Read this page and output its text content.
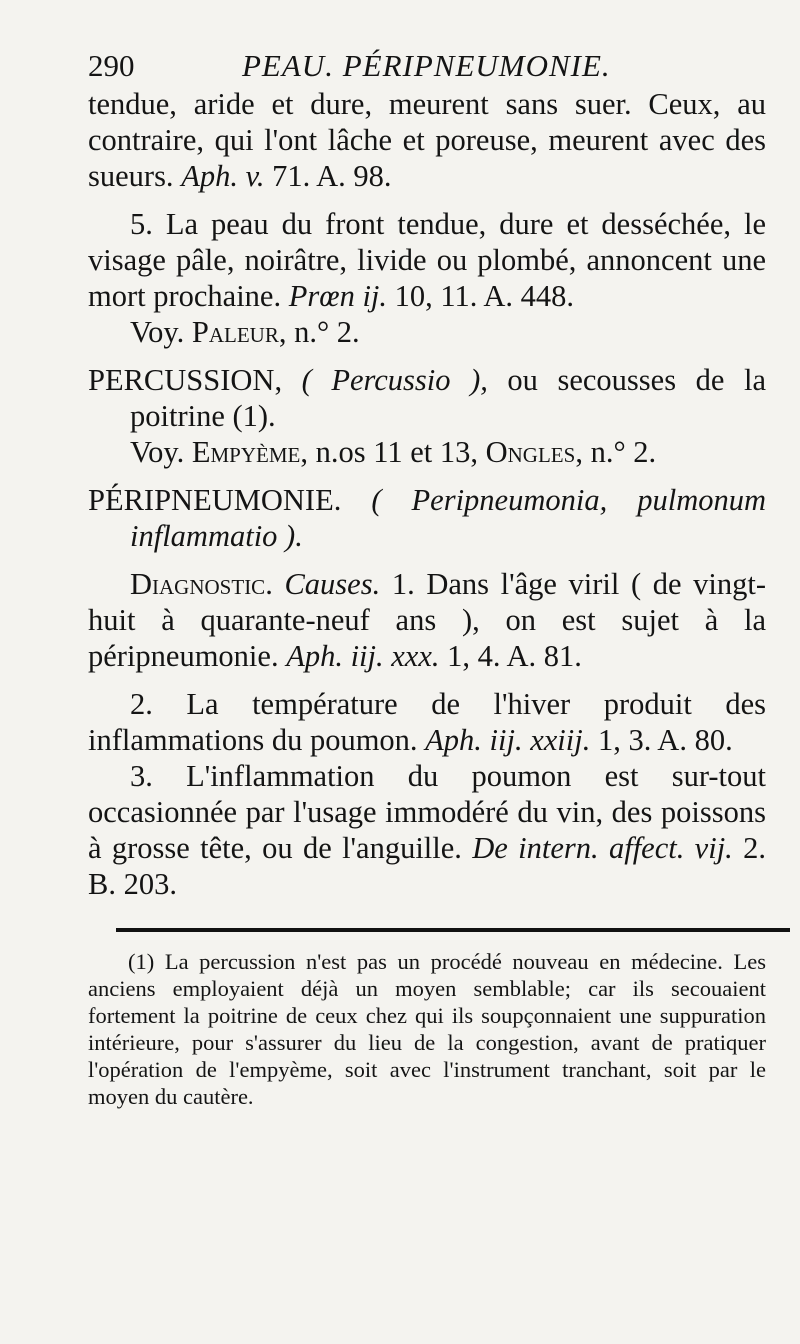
290	PEAU. PÉRIPNEUMONIE.

tendue, aride et dure, meurent sans suer. Ceux, au contraire, qui l'ont lâche et poreuse, meurent avec des sueurs. Aph. v. 71. A. 98.

5. La peau du front tendue, dure et desséchée, le visage pâle, noirâtre, livide ou plombé, annoncent une mort prochaine. Prœn ij. 10, 11. A. 448.

Voy. Paleur, n.° 2.

PERCUSSION, ( Percussio ), ou secousses de la poitrine (1).

Voy. Empyème, n.os 11 et 13, Ongles, n.° 2.

PÉRIPNEUMONIE. ( Peripneumonia, pulmonum inflammatio ).

Diagnostic. Causes. 1. Dans l'âge viril ( de vingt-huit à quarante-neuf ans ), on est sujet à la péripneumonie. Aph. iij. xxx. 1, 4. A. 81.

2. La température de l'hiver produit des inflammations du poumon. Aph. iij. xxiij. 1, 3. A. 80.

3. L'inflammation du poumon est sur-tout occasionnée par l'usage immodéré du vin, des poissons à grosse tête, ou de l'anguille. De intern. affect. vij. 2. B. 203.

(1) La percussion n'est pas un procédé nouveau en médecine. Les anciens employaient déjà un moyen semblable; car ils secouaient fortement la poitrine de ceux chez qui ils soupçonnaient une suppuration intérieure, pour s'assurer du lieu de la congestion, avant de pratiquer l'opération de l'empyème, soit avec l'instrument tranchant, soit par le moyen du cautère.
